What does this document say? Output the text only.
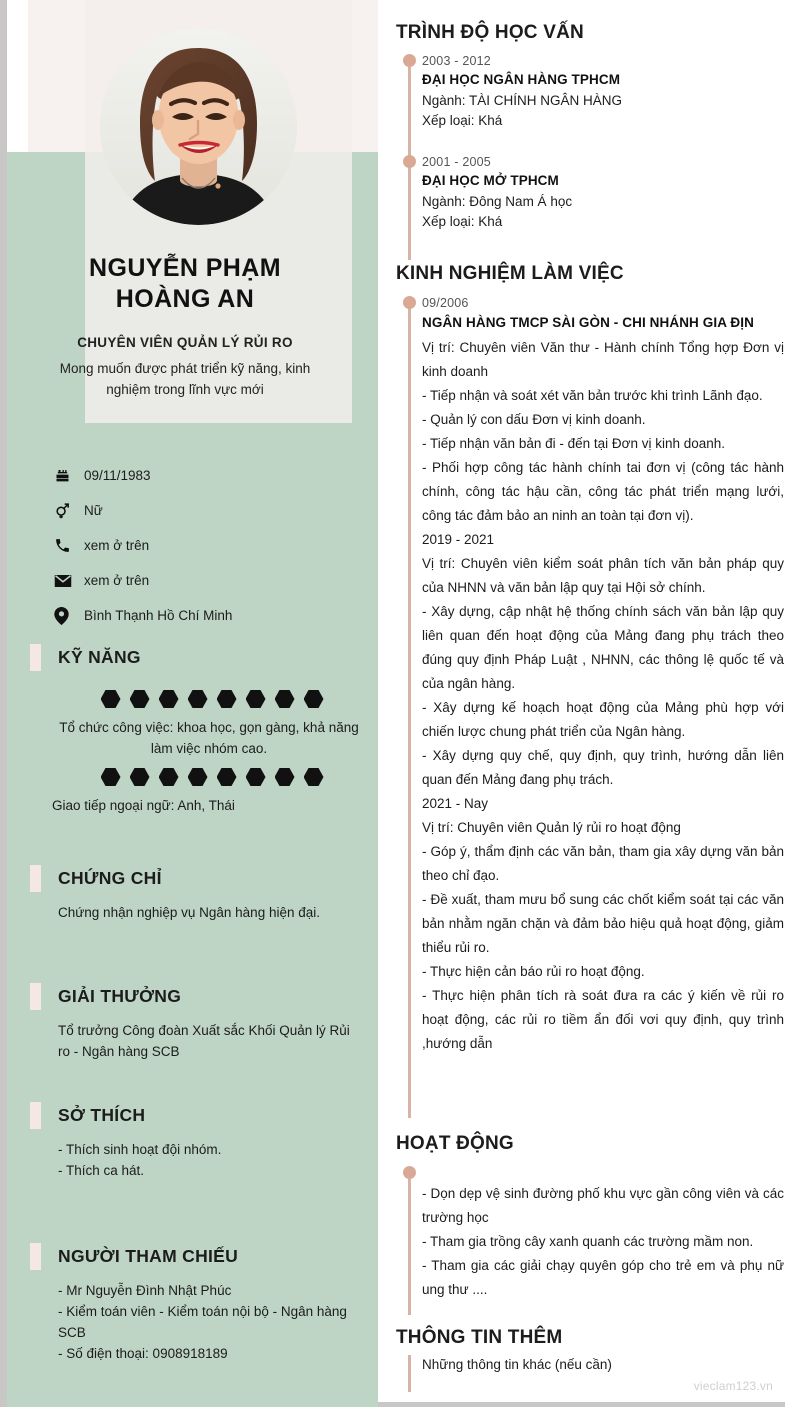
NGUYỄN PHẠM
HOÀNG AN
CHUYÊN VIÊN QUẢN LÝ RỦI RO
Mong muốn được phát triển kỹ năng, kinh nghiệm trong lĩnh vực mới
09/11/1983
Nữ
xem ở trên
xem ở trên
Bình Thạnh Hồ Chí Minh
KỸ NĂNG
Tổ chức công việc: khoa học, gọn gàng, khả năng làm việc nhóm cao.
Giao tiếp ngoại ngữ: Anh, Thái
CHỨNG CHỈ
Chứng nhận nghiệp vụ Ngân hàng hiện đại.
GIẢI THƯỞNG
Tổ trưởng Công đoàn Xuất sắc Khối Quản lý Rủi ro - Ngân hàng SCB
SỞ THÍCH
- Thích sinh hoạt đội nhóm.
- Thích ca hát.
NGƯỜI THAM CHIẾU
- Mr Nguyễn Đình Nhật Phúc
- Kiểm toán viên - Kiểm toán nội bộ - Ngân hàng SCB
- Số điện thoại: 0908918189
TRÌNH ĐỘ HỌC VẤN
2003 - 2012
ĐẠI HỌC NGÂN HÀNG TPHCM
Ngành: TÀI CHÍNH NGÂN HÀNG
Xếp loại: Khá
2001 - 2005
ĐẠI HỌC MỞ TPHCM
Ngành: Đông Nam Á học
Xếp loại: Khá
KINH NGHIỆM LÀM VIỆC
09/2006
NGÂN HÀNG TMCP SÀI GÒN - CHI NHÁNH GIA ĐỊN
Vị trí: Chuyên viên Văn thư - Hành chính Tổng hợp Đơn vị kinh doanh
- Tiếp nhận và soát xét văn bản trước khi trình Lãnh đạo.
- Quản lý con dấu Đơn vị kinh doanh.
- Tiếp nhận văn bản đi - đến tại Đơn vị kinh doanh.
- Phối hợp công tác hành chính tai đơn vị (công tác hành chính, công tác hậu cần, công tác phát triển mạng lưới, công tác đảm bảo an ninh an toàn tại đơn vị).
2019 - 2021
Vị trí: Chuyên viên kiểm soát phân tích văn bản pháp quy của NHNN và văn bản lập quy tại Hội sở chính.
- Xây dựng, cập nhật hệ thống chính sách văn bản lập quy liên quan đến hoạt động của Mảng đang phụ trách theo đúng quy định Pháp Luật , NHNN, các thông lệ quốc tế và của ngân hàng.
- Xây dựng kế hoạch hoạt động của Mảng phù hợp với chiến lược chung phát triển của Ngân hàng.
- Xây dựng quy chế, quy định, quy trình, hướng dẫn liên quan đến Mảng đang phụ trách.
2021 - Nay
Vị trí: Chuyên viên Quản lý rủi ro hoạt động
- Góp ý, thẩm định các văn bản, tham gia xây dựng văn bản theo chỉ đạo.
- Đề xuất, tham mưu bổ sung các chốt kiểm soát tại các văn bản nhằm ngăn chặn và đảm bảo hiệu quả hoạt động, giảm thiểu rủi ro.
- Thực hiện cản báo rủi ro hoạt động.
- Thực hiện phân tích rà soát đưa ra các ý kiến về rủi ro hoạt động, các rủi ro tiềm ẩn đối vơi quy định, quy trình ,hướng dẫn
HOẠT ĐỘNG
- Dọn dẹp vệ sinh đường phố khu vực gần công viên và các trường học
- Tham gia trồng cây xanh quanh các trường mầm non.
- Tham gia các giải chạy quyên góp cho trẻ em và phụ nữ ung thư ....
THÔNG TIN THÊM
Những thông tin khác (nếu cần)
vieclam123.vn
